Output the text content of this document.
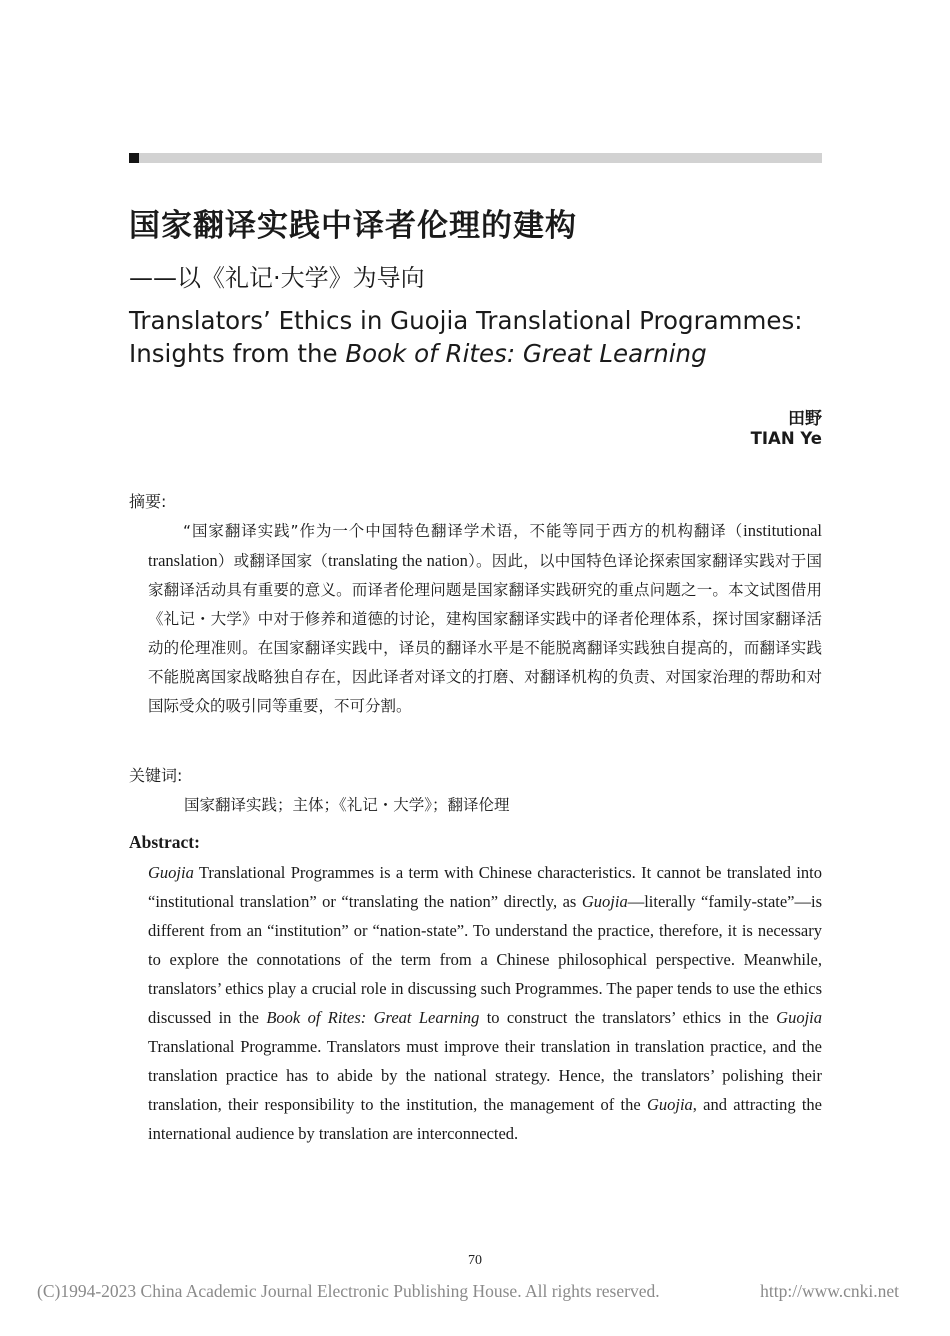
国家翻译实践中译者伦理的建构
——以《礼记·大学》为导向
Translators’ Ethics in Guojia Translational Programmes:
Insights from the Book of Rites: Great Learning
田野
TIAN Ye
摘要:
“国家翻译实践”作为一个中国特色翻译学术语，不能等同于西方的机构翻译（institutional translation）或翻译国家（translating the nation）。因此，以中国特色译论探索国家翻译实践对于国家翻译活动具有重要的意义。而译者伦理问题是国家翻译实践研究的重点问题之一。本文试图借用《礼记・大学》中对于修养和道德的讨论，建构国家翻译实践中的译者伦理体系，探讨国家翻译活动的伦理准则。在国家翻译实践中，译员的翻译水平是不能脱离翻译实践独自提高的，而翻译实践不能脱离国家战略独自存在，因此译者对译文的打磨、对翻译机构的负责、对国家治理的帮助和对国际受众的吸引同等重要，不可分割。
关键词:
国家翻译实践；主体；《礼记・大学》；翻译伦理
Abstract:
Guojia Translational Programmes is a term with Chinese characteristics. It cannot be translated into “institutional translation” or “translating the nation” directly, as Guojia—literally “family-state”—is different from an “institution” or “nation-state”. To understand the practice, therefore, it is necessary to explore the connotations of the term from a Chinese philosophical perspective. Meanwhile, translators’ ethics play a crucial role in discussing such Programmes. The paper tends to use the ethics discussed in the Book of Rites: Great Learning to construct the translators’ ethics in the Guojia Translational Programme. Translators must improve their translation in translation practice, and the translation practice has to abide by the national strategy. Hence, the translators’ polishing their translation, their responsibility to the institution, the management of the Guojia, and attracting the international audience by translation are interconnected.
70
(C)1994-2023 China Academic Journal Electronic Publishing House. All rights reserved.	http://www.cnki.net
